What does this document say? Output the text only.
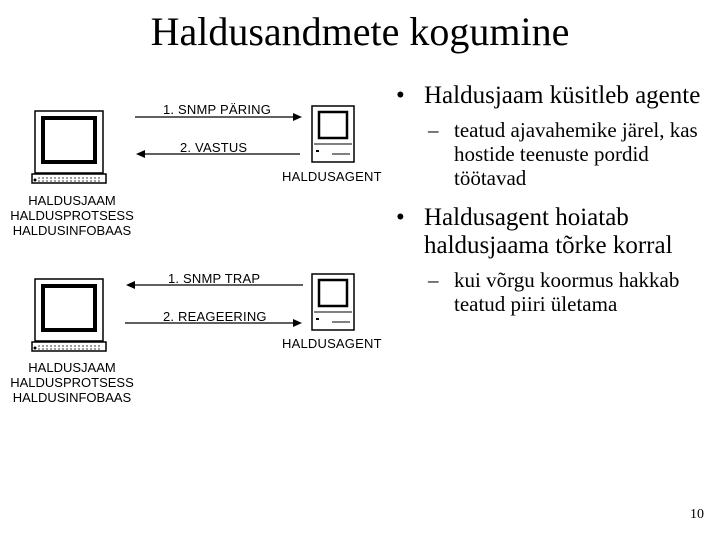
Haldusandmete kogumine
HALDUSJAAM
HALDUSPROTSESS
HALDUSINFOBAAS
1. SNMP PÄRING
2. VASTUS
HALDUSAGENT
HALDUSJAAM
HALDUSPROTSESS
HALDUSINFOBAAS
1. SNMP TRAP
2. REAGEERING
HALDUSAGENT
• Haldusjaam küsitleb agente
– teatud ajavahemike järel, kas hostide teenuste pordid töötavad
• Haldusagent hoiatab haldusjaama tõrke korral
– kui võrgu koormus hakkab teatud piiri ületama
10
